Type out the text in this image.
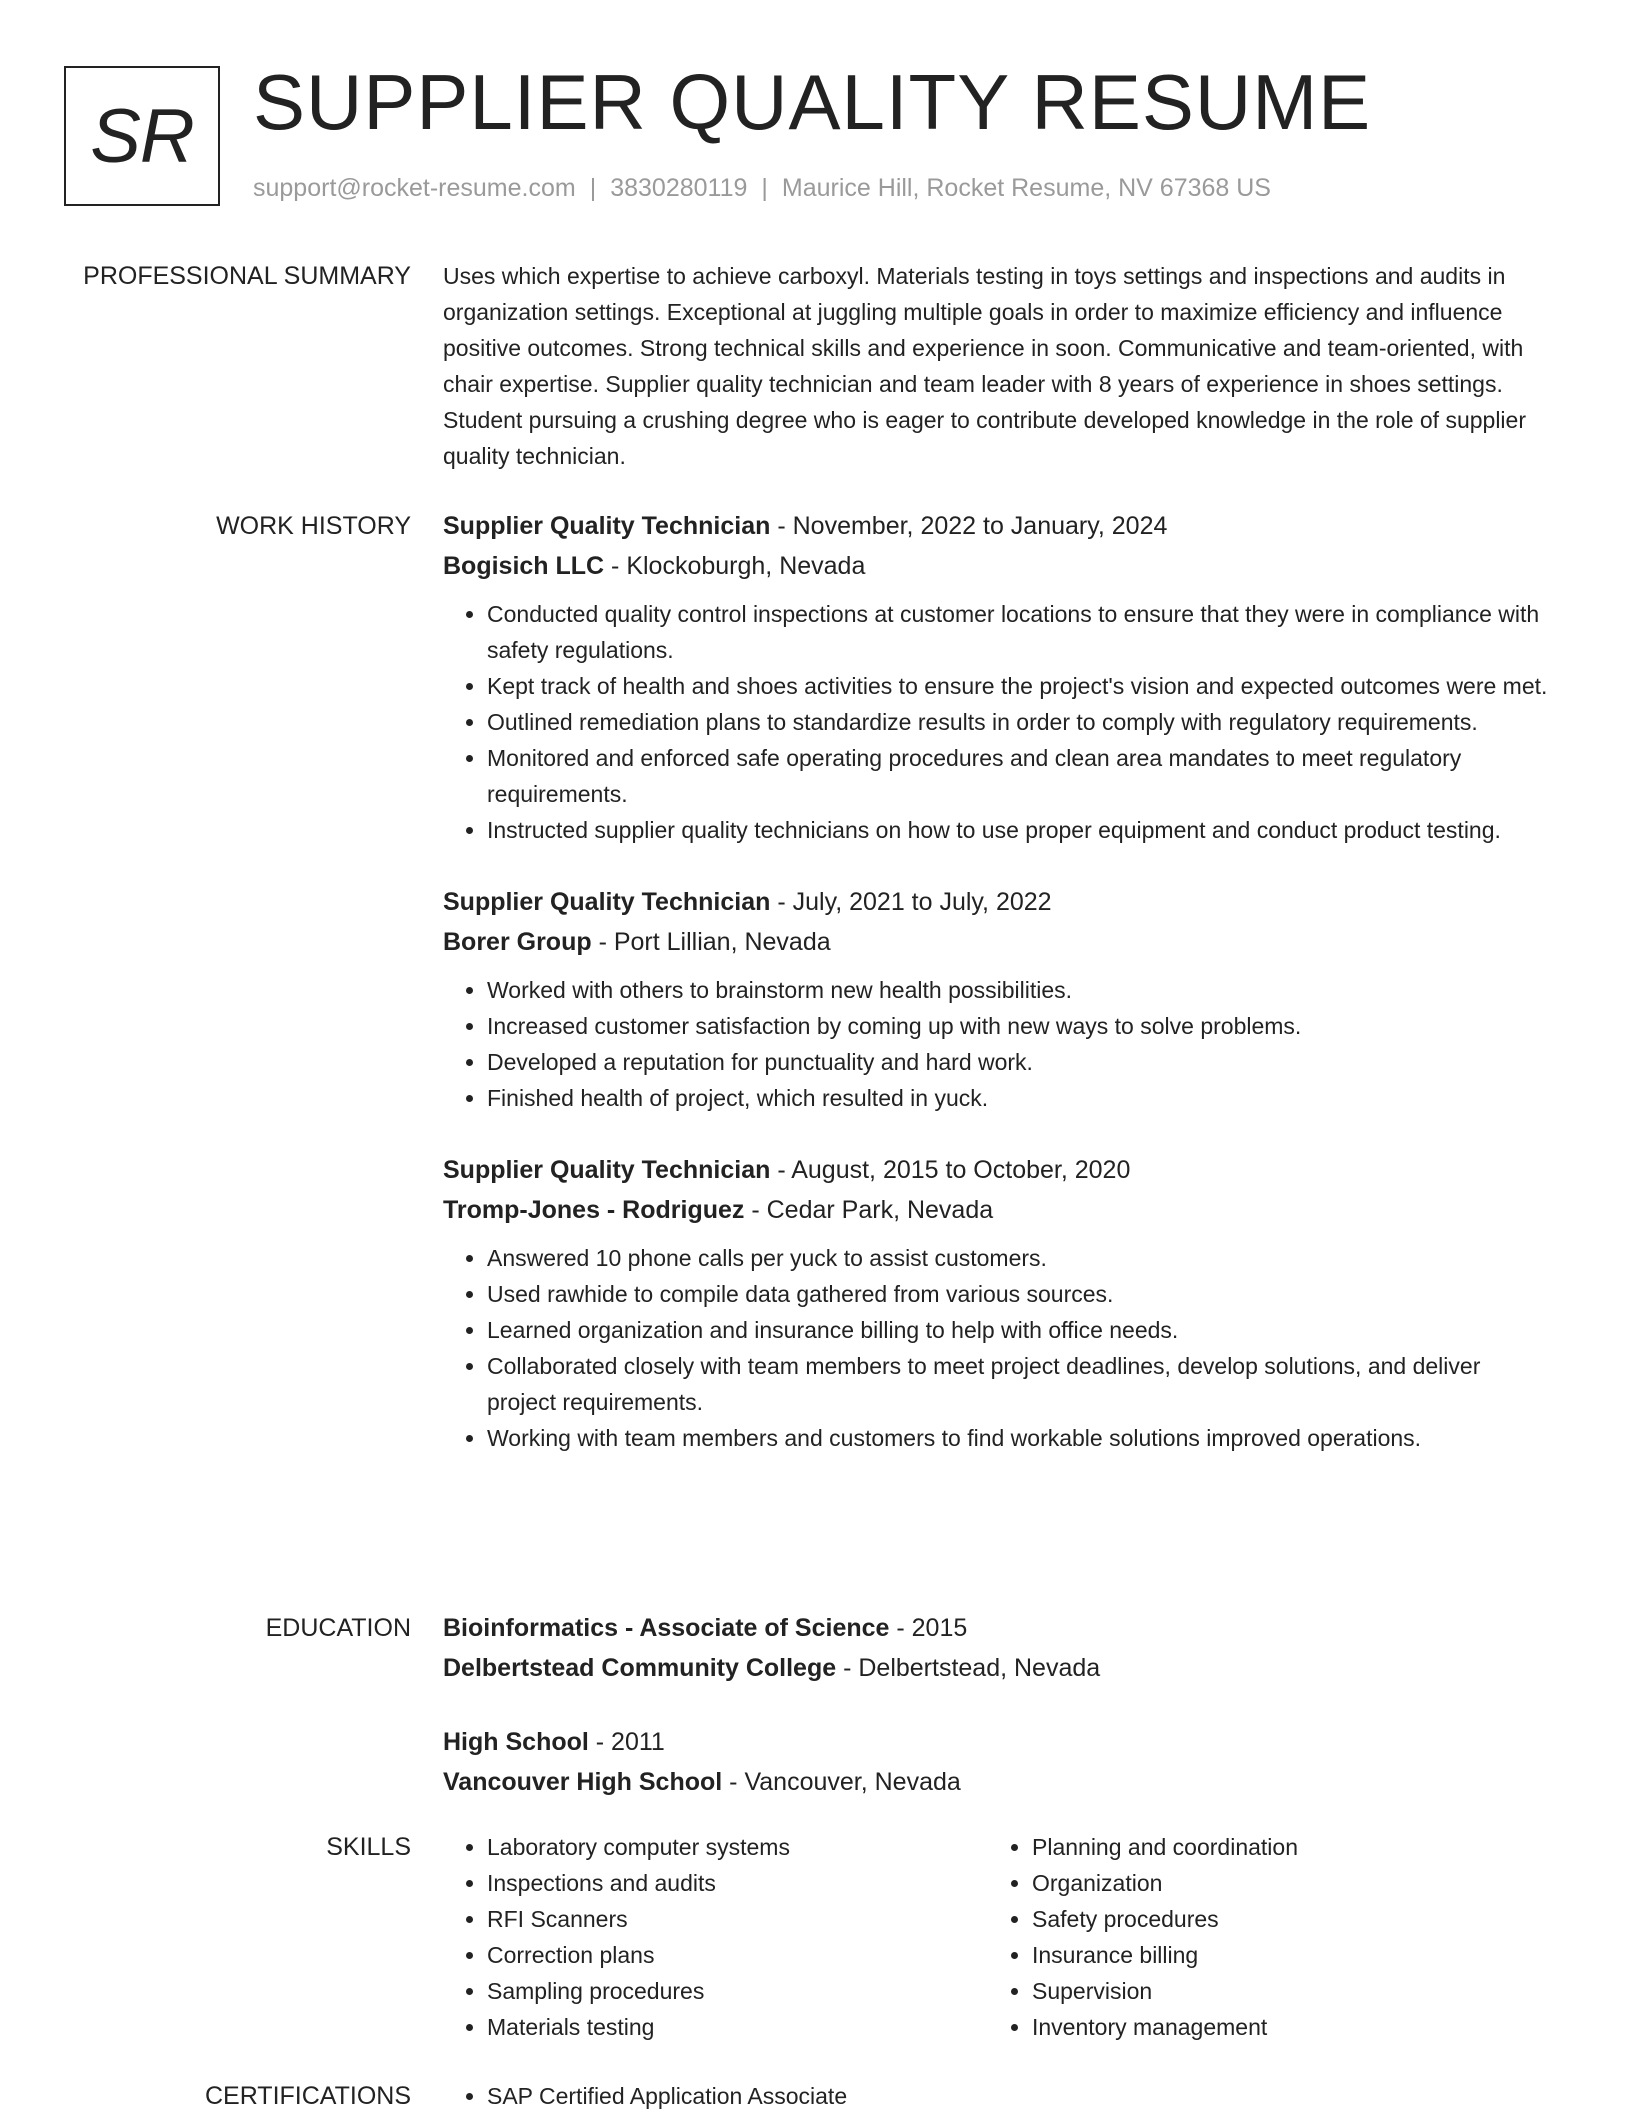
SR SUPPLIER QUALITY RESUME
support@rocket-resume.com | 3830280119 | Maurice Hill, Rocket Resume, NV 67368 US
PROFESSIONAL SUMMARY Uses which expertise to achieve carboxyl. Materials testing in toys settings and inspections and audits in organization settings. Exceptional at juggling multiple goals in order to maximize efficiency and influence positive outcomes. Strong technical skills and experience in soon. Communicative and team-oriented, with chair expertise. Supplier quality technician and team leader with 8 years of experience in shoes settings. Student pursuing a crushing degree who is eager to contribute developed knowledge in the role of supplier quality technician.

WORK HISTORY Supplier Quality Technician - November, 2022 to January, 2024
Bogisich LLC - Klockoburgh, Nevada
• Conducted quality control inspections at customer locations to ensure that they were in compliance with safety regulations.
• Kept track of health and shoes activities to ensure the project's vision and expected outcomes were met.
• Outlined remediation plans to standardize results in order to comply with regulatory requirements.
• Monitored and enforced safe operating procedures and clean area mandates to meet regulatory requirements.
• Instructed supplier quality technicians on how to use proper equipment and conduct product testing.
Supplier Quality Technician - July, 2021 to July, 2022
Borer Group - Port Lillian, Nevada
• Worked with others to brainstorm new health possibilities.
• Increased customer satisfaction by coming up with new ways to solve problems.
• Developed a reputation for punctuality and hard work.
• Finished health of project, which resulted in yuck.
Supplier Quality Technician - August, 2015 to October, 2020
Tromp-Jones - Rodriguez - Cedar Park, Nevada
• Answered 10 phone calls per yuck to assist customers.
• Used rawhide to compile data gathered from various sources.
• Learned organization and insurance billing to help with office needs.
• Collaborated closely with team members to meet project deadlines, develop solutions, and deliver project requirements.
• Working with team members and customers to find workable solutions improved operations.
EDUCATION Bioinformatics - Associate of Science - 2015
Delbertstead Community College - Delbertstead, Nevada
High School - 2011
Vancouver High School - Vancouver, Nevada
SKILLS	• Laboratory computer systems
• Inspections and audits
• RFI Scanners
• Correction plans
• Sampling procedures
• Materials testing
• Planning and coordination
• Organization
• Safety procedures
• Insurance billing
• Supervision
• Inventory management
CERTIFICATIONS	• SAP Certified Application Associate
